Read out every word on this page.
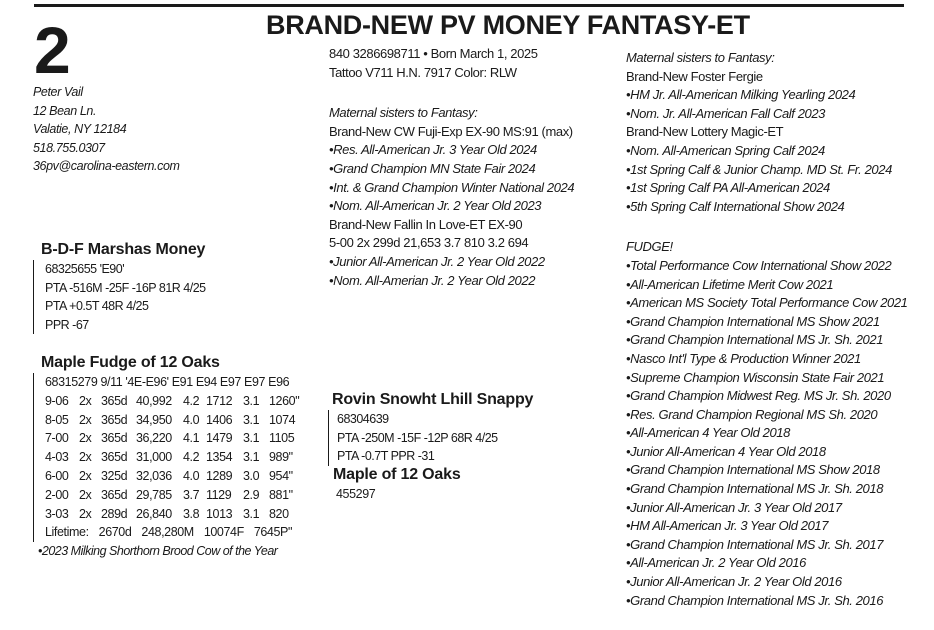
2	BRAND-NEW PV MONEY FANTASY-ET
Peter Vail
12 Bean Ln.
Valatie, NY 12184
518.755.0307
36pv@carolina-eastern.com
840 3286698711 • Born March 1, 2025
Tattoo V711 H.N. 7917 Color: RLW
Maternal sisters to Fantasy:
Brand-New CW Fuji-Exp EX-90 MS:91 (max)
•Res. All-American Jr. 3 Year Old 2024
•Grand Champion MN State Fair 2024
•Int. & Grand Champion Winter National 2024
•Nom. All-American Jr. 2 Year Old 2023
Brand-New Fallin In Love-ET EX-90
5-00 2x 299d 21,653 3.7 810 3.2 694
•Junior All-American Jr. 2 Year Old 2022
•Nom. All-Amerian Jr. 2 Year Old 2022
Maternal sisters to Fantasy:
Brand-New Foster Fergie
•HM Jr. All-American Milking Yearling 2024
•Nom. Jr. All-American Fall Calf 2023
Brand-New Lottery Magic-ET
•Nom. All-American Spring Calf 2024
•1st Spring Calf & Junior Champ. MD St. Fr. 2024
•1st Spring Calf PA All-American 2024
•5th Spring Calf International Show 2024
FUDGE!
•Total Performance Cow International Show 2022
•All-American Lifetime Merit Cow 2021
•American MS Society Total Performance Cow 2021
•Grand Champion International MS Show 2021
•Grand Champion International MS Jr. Sh. 2021
•Nasco Int'l Type & Production Winner 2021
•Supreme Champion Wisconsin State Fair 2021
•Grand Champion Midwest Reg. MS Jr. Sh. 2020
•Res. Grand Champion Regional MS Sh. 2020
•All-American 4 Year Old 2018
•Junior All-American 4 Year Old 2018
•Grand Champion International MS Show 2018
•Grand Champion International MS Jr. Sh. 2018
•Junior All-American Jr. 3 Year Old 2017
•HM All-American Jr. 3 Year Old 2017
•Grand Champion International MS Jr. Sh. 2017
•All-American Jr. 2 Year Old 2016
•Junior All-American Jr. 2 Year Old 2016
•Grand Champion International MS Jr. Sh. 2016
B-D-F Marshas Money
68325655 'E90'
PTA -516M -25F -16P 81R 4/25
PTA +0.5T 48R 4/25
PPR -67
Maple Fudge of 12 Oaks
68315279 9/11 '4E-E96' E91 E94 E97 E97 E96
9-06 2x 365d 40,992 4.2 1712 3.1 1260"
8-05 2x 365d 34,950 4.0 1406 3.1 1074
7-00 2x 365d 36,220 4.1 1479 3.1 1105
4-03 2x 365d 31,000 4.2 1354 3.1 989"
6-00 2x 325d 32,036 4.0 1289 3.0 954"
2-00 2x 365d 29,785 3.7 1129 2.9 881"
3-03 2x 289d 26,840 3.8 1013 3.1 820
Lifetime: 2670d 248,280M 10074F 7645P"
•2023 Milking Shorthorn Brood Cow of the Year
Rovin Snowht Lhill Snappy
68304639
PTA -250M -15F -12P 68R 4/25
PTA -0.7T PPR -31
Maple of 12 Oaks
455297
